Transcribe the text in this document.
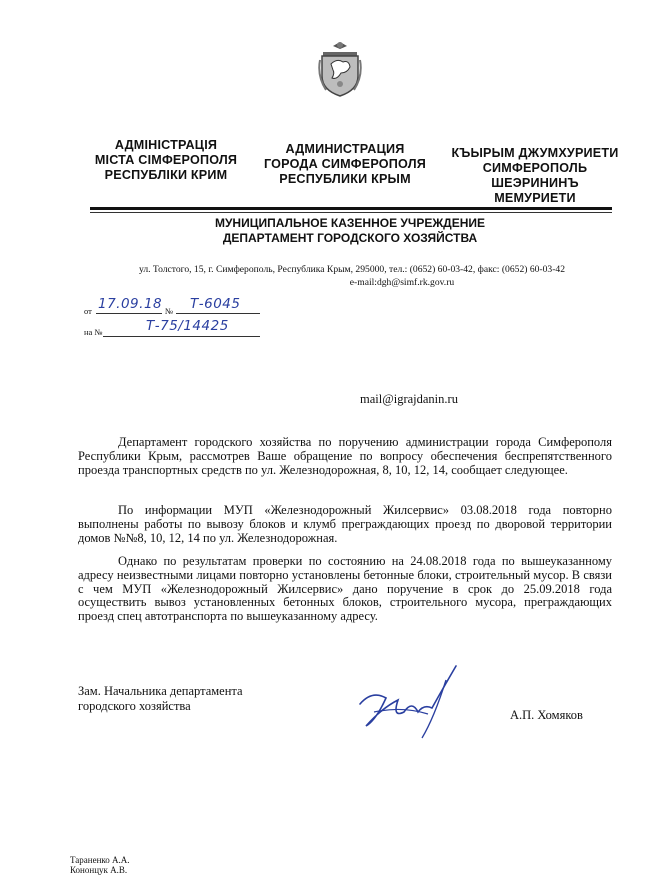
АДМІНІСТРАЦІЯ
МІСТА СІМФЕРОПОЛЯ
РЕСПУБЛІКИ КРИМ
АДМИНИСТРАЦИЯ
ГОРОДА СИМФЕРОПОЛЯ
РЕСПУБЛИКИ КРЫМ
КЪЫРЫМ ДЖУМХУРИЕТИ
СИМФЕРОПОЛЬ
ШЕЭРИНИНЪ
МЕМУРИЕТИ
МУНИЦИПАЛЬНОЕ КАЗЕННОЕ УЧРЕЖДЕНИЕ
ДЕПАРТАМЕНТ ГОРОДСКОГО ХОЗЯЙСТВА
ул. Толстого, 15, г. Симферополь, Республика Крым, 295000, тел.: (0652) 60-03-42, факс: (0652) 60-03-42
e-mail:dgh@simf.rk.gov.ru
от 17.09.18 № Т-6045
на №	Т-75/14425
mail@igrajdanin.ru

Департамент городского хозяйства по поручению администрации города Симферополя Республики Крым, рассмотрев Ваше обращение по вопросу обеспечения беспрепятственного проезда транспортных средств по ул. Железнодорожная, 8, 10, 12, 14, сообщает следующее.

По информации МУП «Железнодорожный Жилсервис» 03.08.2018 года повторно выполнены работы по вывозу блоков и клумб преграждающих проезд по дворовой территории домов №№8, 10, 12, 14 по ул. Железнодорожная.

Однако по результатам проверки по состоянию на 24.08.2018 года по вышеуказанному адресу неизвестными лицами повторно установлены бетонные блоки, строительный мусор. В связи с чем МУП «Железнодорожный Жилсервис» дано поручение в срок до 25.09.2018 года осуществить вывоз установленных бетонных блоков, строительного мусора, преграждающих проезд спец автотранспорта по вышеуказанному адресу.

Зам. Начальника департамента
городского хозяйства
А.П. Хомяков
Тараненко А.А.
Кононцук А.В.
